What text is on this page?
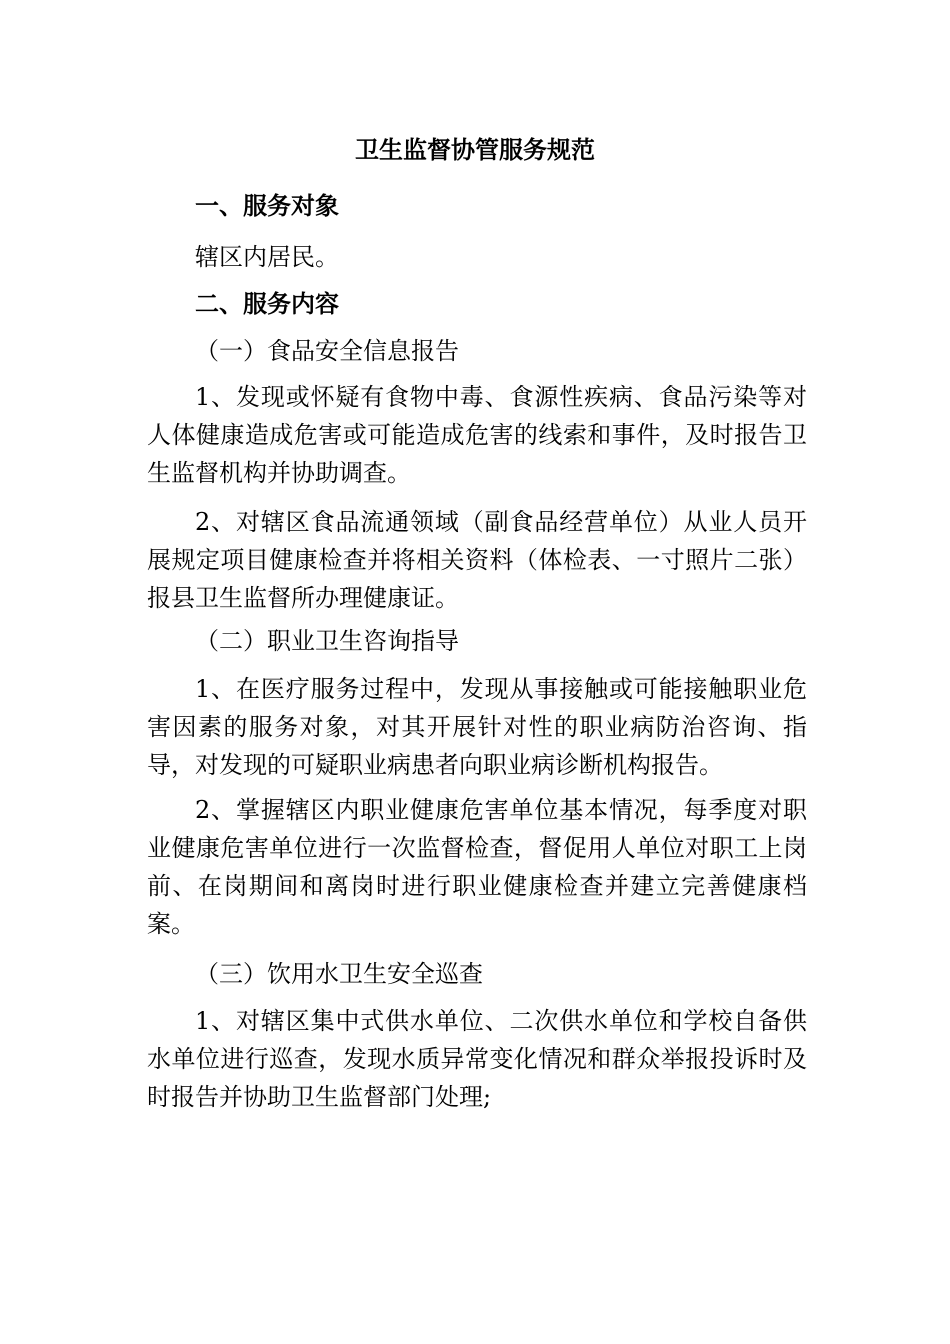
卫生监督协管服务规范
一、服务对象
辖区内居民。
二、服务内容
（一）食品安全信息报告
1、发现或怀疑有食物中毒、食源性疾病、食品污染等对人体健康造成危害或可能造成危害的线索和事件，及时报告卫生监督机构并协助调查。
2、对辖区食品流通领域（副食品经营单位）从业人员开展规定项目健康检查并将相关资料（体检表、一寸照片二张）报县卫生监督所办理健康证。
（二）职业卫生咨询指导
1、在医疗服务过程中，发现从事接触或可能接触职业危害因素的服务对象，对其开展针对性的职业病防治咨询、指导，对发现的可疑职业病患者向职业病诊断机构报告。
2、掌握辖区内职业健康危害单位基本情况，每季度对职业健康危害单位进行一次监督检查，督促用人单位对职工上岗前、在岗期间和离岗时进行职业健康检查并建立完善健康档案。
（三）饮用水卫生安全巡查
1、对辖区集中式供水单位、二次供水单位和学校自备供水单位进行巡查，发现水质异常变化情况和群众举报投诉时及时报告并协助卫生监督部门处理;
